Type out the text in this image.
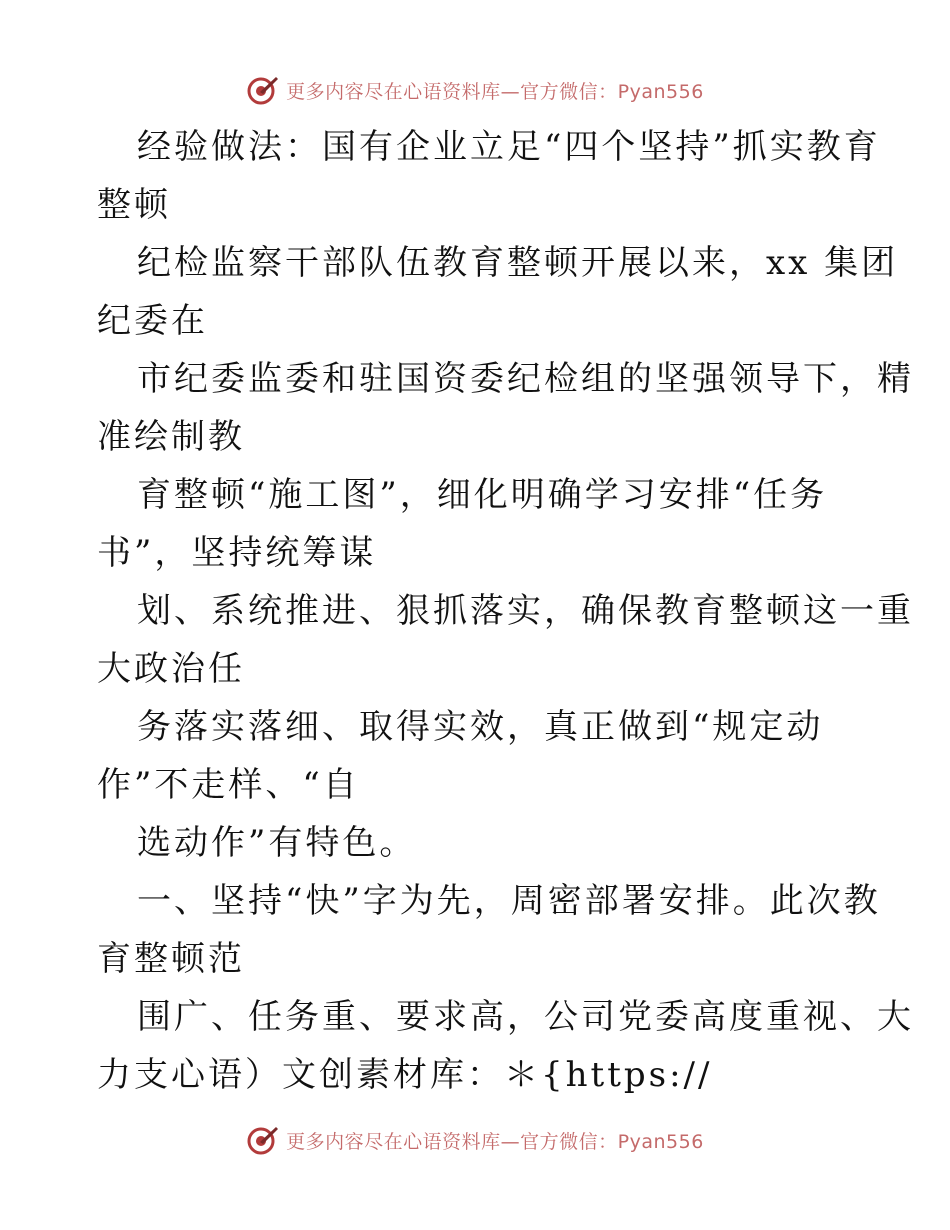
更多内容尽在心语资料库—官方微信：Pyan556
经验做法：国有企业立足“四个坚持”抓实教育
整顿
纪检监察干部队伍教育整顿开展以来，xx 集团
纪委在
市纪委监委和驻国资委纪检组的坚强领导下，精
准绘制教
育整顿“施工图”，细化明确学习安排“任务
书”，坚持统筹谋
划、系统推进、狠抓落实，确保教育整顿这一重
大政治任
务落实落细、取得实效，真正做到“规定动
作”不走样、“自
选动作”有特色。
一、坚持“快”字为先，周密部署安排。此次教
育整顿范
围广、任务重、要求高，公司党委高度重视、大
力支心语）文创素材库：＊{https://
更多内容尽在心语资料库—官方微信：Pyan556
